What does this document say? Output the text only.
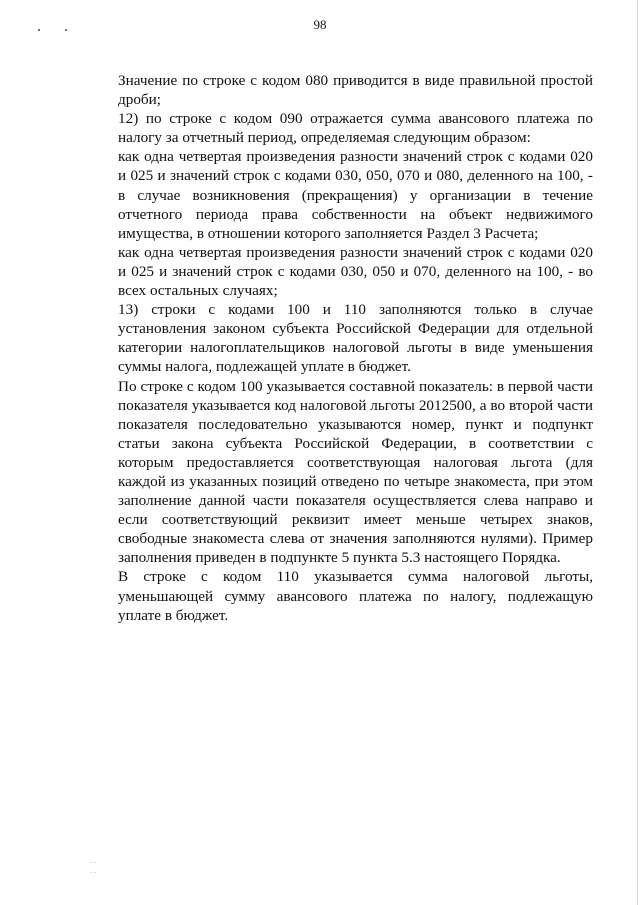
98

Значение по строке с кодом 080 приводится в виде правильной простой дроби;

12) по строке с кодом 090 отражается сумма авансового платежа по налогу за отчетный период, определяемая следующим образом:

как одна четвертая произведения разности значений строк с кодами 020 и 025 и значений строк с кодами 030, 050, 070 и 080, деленного на 100, - в случае возникновения (прекращения) у организации в течение отчетного периода права собственности на объект недвижимого имущества, в отношении которого заполняется Раздел 3 Расчета;

как одна четвертая произведения разности значений строк с кодами 020 и 025 и значений строк с кодами 030, 050 и 070, деленного на 100, - во всех остальных случаях;

13) строки с кодами 100 и 110 заполняются только в случае установления законом субъекта Российской Федерации для отдельной категории налогоплательщиков налоговой льготы в виде уменьшения суммы налога, подлежащей уплате в бюджет.

По строке с кодом 100 указывается составной показатель: в первой части показателя указывается код налоговой льготы 2012500, а во второй части показателя последовательно указываются номер, пункт и подпункт статьи закона субъекта Российской Федерации, в соответствии с которым предоставляется соответствующая налоговая льгота (для каждой из указанных позиций отведено по четыре знакоместа, при этом заполнение данной части показателя осуществляется слева направо и если соответствующий реквизит имеет меньше четырех знаков, свободные знакоместа слева от значения заполняются нулями). Пример заполнения приведен в подпункте 5 пункта 5.3 настоящего Порядка.

В строке с кодом 110 указывается сумма налоговой льготы, уменьшающей сумму авансового платежа по налогу, подлежащую уплате в бюджет.

...
...
